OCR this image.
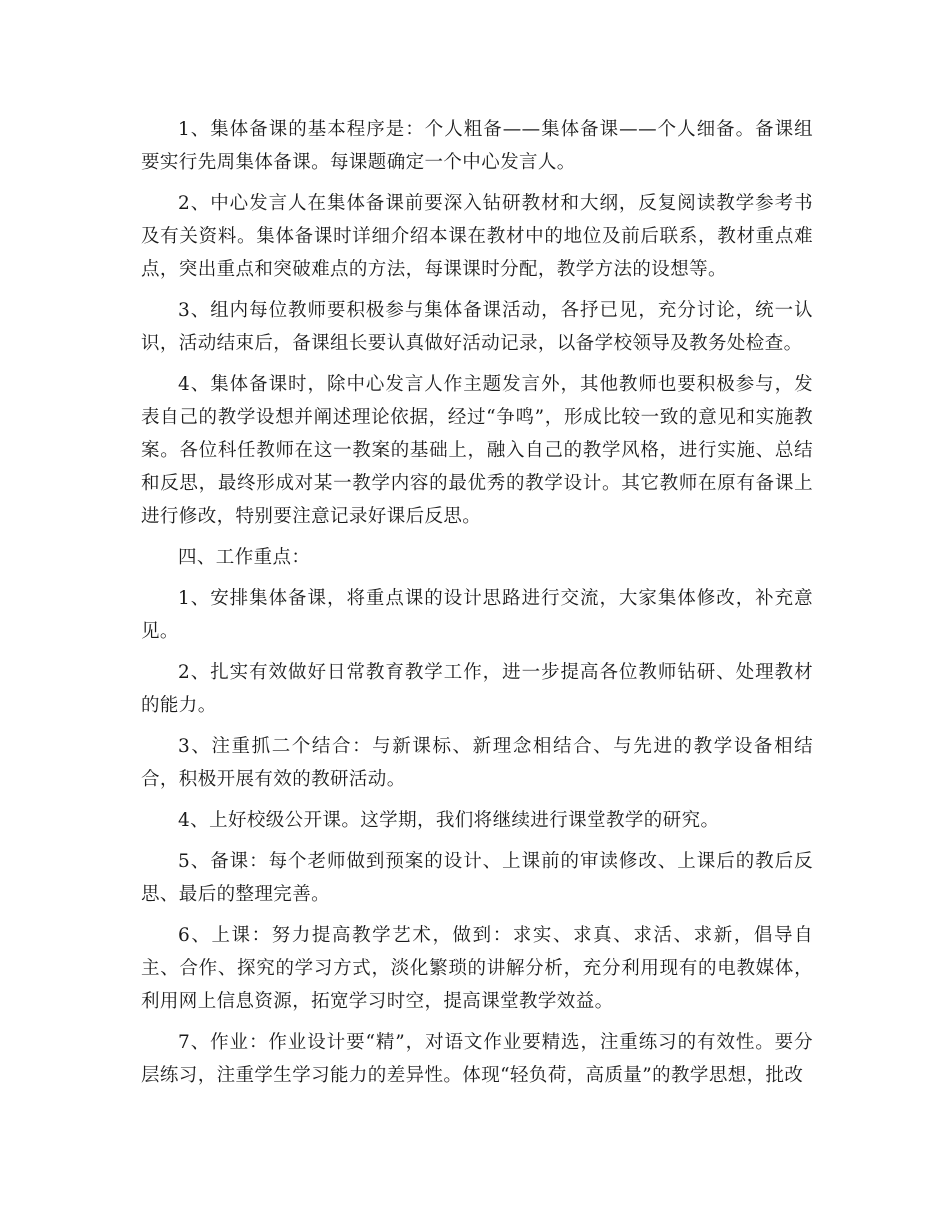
1、集体备课的基本程序是：个人粗备——集体备课——个人细备。备课组要实行先周集体备课。每课题确定一个中心发言人。

2、中心发言人在集体备课前要深入钻研教材和大纲，反复阅读教学参考书及有关资料。集体备课时详细介绍本课在教材中的地位及前后联系，教材重点难点，突出重点和突破难点的方法，每课课时分配，教学方法的设想等。

3、组内每位教师要积极参与集体备课活动，各抒已见，充分讨论，统一认识，活动结束后，备课组长要认真做好活动记录，以备学校领导及教务处检查。

4、集体备课时，除中心发言人作主题发言外，其他教师也要积极参与，发表自己的教学设想并阐述理论依据，经过“争鸣”，形成比较一致的意见和实施教案。各位科任教师在这一教案的基础上，融入自己的教学风格，进行实施、总结和反思，最终形成对某一教学内容的最优秀的教学设计。其它教师在原有备课上进行修改，特别要注意记录好课后反思。

四、工作重点：

1、安排集体备课，将重点课的设计思路进行交流，大家集体修改，补充意见。

2、扎实有效做好日常教育教学工作，进一步提高各位教师钻研、处理教材的能力。

3、注重抓二个结合：与新课标、新理念相结合、与先进的教学设备相结合，积极开展有效的教研活动。

4、上好校级公开课。这学期，我们将继续进行课堂教学的研究。

5、备课：每个老师做到预案的设计、上课前的审读修改、上课后的教后反思、最后的整理完善。

6、上课：努力提高教学艺术，做到：求实、求真、求活、求新，倡导自主、合作、探究的学习方式，淡化繁琐的讲解分析，充分利用现有的电教媒体，利用网上信息资源，拓宽学习时空，提高课堂教学效益。

7、作业：作业设计要“精”，对语文作业要精选，注重练习的有效性。要分层练习，注重学生学习能力的差异性。体现“轻负荷，高质量”的教学思想，批改
